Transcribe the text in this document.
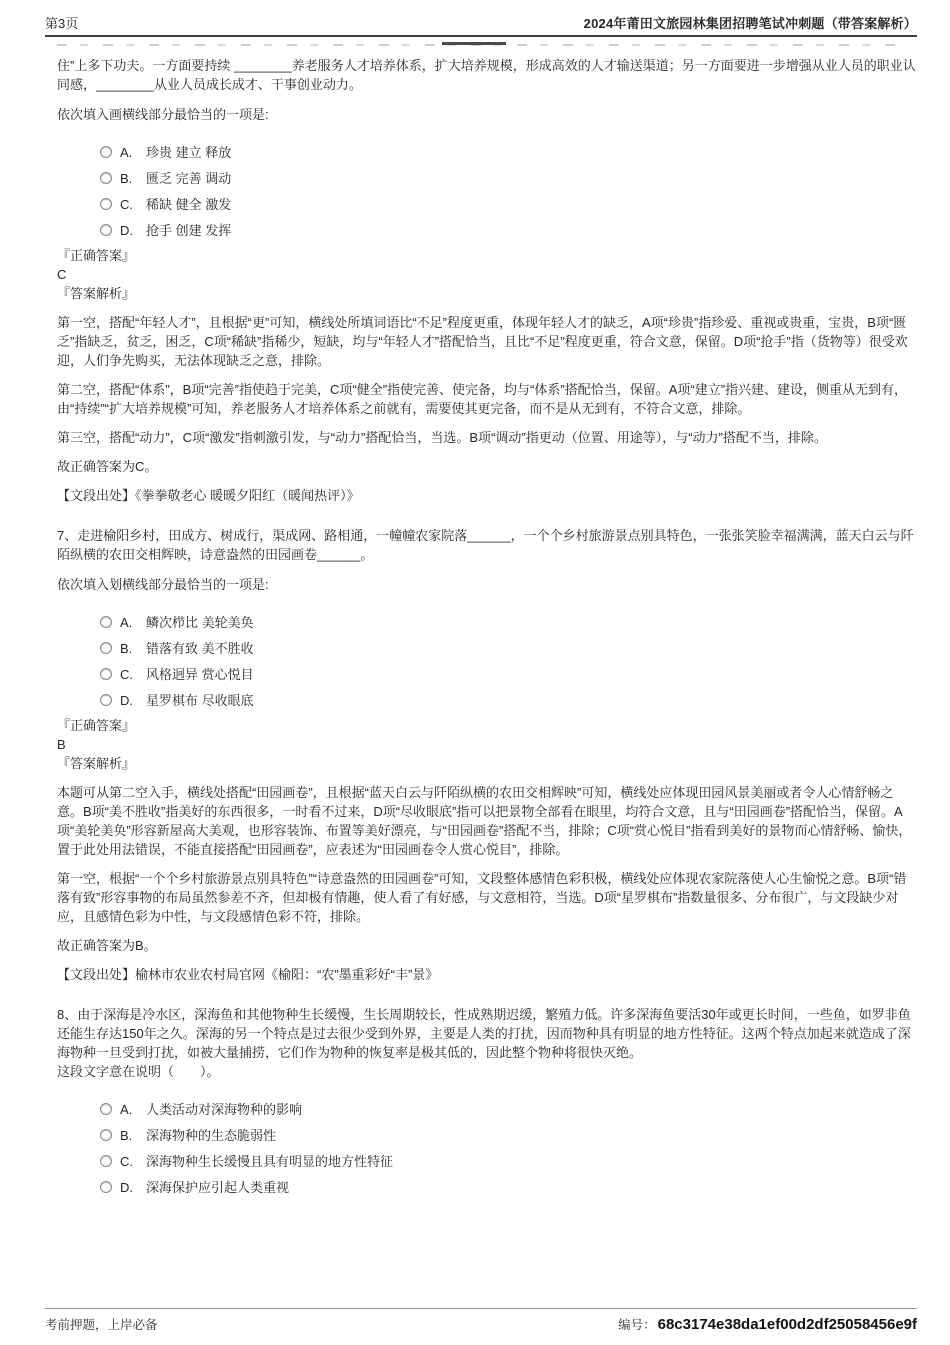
第3页	2024年莆田文旅园林集团招聘笔试冲刺题（带答案解析）

住”上多下功夫。一方面要持续 ________养老服务人才培养体系，扩大培养规模，形成高效的人才输送渠道；另一方面要进一步增强从业人员的职业认同感，________从业人员成长成才、干事创业动力。

依次填入画横线部分最恰当的一项是:

A.	珍贵 建立 释放
B.	匮乏 完善 调动
C.	稀缺 健全 激发
D.	抢手 创建 发挥
『正确答案』
C
『答案解析』

第一空，搭配“年轻人才”，且根据“更”可知，横线处所填词语比“不足”程度更重，体现年轻人才的缺乏，A项“珍贵”指珍爱、重视或贵重，宝贵，B项“匮乏”指缺乏，贫乏，困乏，C项“稀缺”指稀少，短缺，均与“年轻人才”搭配恰当，且比“不足”程度更重，符合文意，保留。D项“抢手”指（货物等）很受欢迎，人们争先购买，无法体现缺乏之意，排除。

第二空，搭配“体系”，B项“完善”指使趋于完美，C项“健全”指使完善、使完备，均与“体系”搭配恰当，保留。A项“建立”指兴建、建设，侧重从无到有，由“持续”“扩大培养规模”可知，养老服务人才培养体系之前就有，需要使其更完备，而不是从无到有，不符合文意，排除。

第三空，搭配“动力”，C项“激发”指刺激引发，与“动力”搭配恰当，当选。B项“调动”指更动（位置、用途等），与“动力”搭配不当，排除。

故正确答案为C。

【文段出处】《拳拳敬老心 暖暖夕阳红（暖闻热评）》

7、走进榆阳乡村，田成方、树成行，渠成网、路相通，一幢幢农家院落______，一个个乡村旅游景点别具特色，一张张笑脸幸福满满，蓝天白云与阡陌纵横的农田交相辉映，诗意盎然的田园画卷______。

依次填入划横线部分最恰当的一项是:

A.	鳞次栉比 美轮美奂
B.	错落有致 美不胜收
C.	风格迥异 赏心悦目
D.	星罗棋布 尽收眼底
『正确答案』
B
『答案解析』

本题可从第二空入手，横线处搭配“田园画卷”，且根据“蓝天白云与阡陌纵横的农田交相辉映”可知，横线处应体现田园风景美丽或者令人心情舒畅之意。B项“美不胜收”指美好的东西很多，一时看不过来，D项“尽收眼底”指可以把景物全部看在眼里，均符合文意，且与“田园画卷”搭配恰当，保留。A项“美轮美奂”形容新屋高大美观，也形容装饰、布置等美好漂亮，与“田园画卷”搭配不当，排除；C项“赏心悦目”指看到美好的景物而心情舒畅、愉快，置于此处用法错误，不能直接搭配“田园画卷”，应表述为“田园画卷令人赏心悦目”，排除。

第一空，根据“一个个乡村旅游景点别具特色”“诗意盎然的田园画卷”可知，文段整体感情色彩积极，横线处应体现农家院落使人心生愉悦之意。B项“错落有致”形容事物的布局虽然参差不齐，但却极有情趣，使人看了有好感，与文意相符，当选。D项“星罗棋布”指数量很多、分布很广，与文段缺少对应，且感情色彩为中性，与文段感情色彩不符，排除。

故正确答案为B。

【文段出处】榆林市农业农村局官网《榆阳：“农”墨重彩好“丰”景》

8、由于深海是冷水区，深海鱼和其他物种生长缓慢，生长周期较长，性成熟期迟缓，繁殖力低。许多深海鱼要活30年或更长时间，一些鱼，如罗非鱼还能生存达150年之久。深海的另一个特点是过去很少受到外界，主要是人类的打扰，因而物种具有明显的地方性特征。这两个特点加起来就造成了深海物种一旦受到打扰，如被大量捕捞，它们作为物种的恢复率是极其低的，因此整个物种将很快灭绝。

这段文字意在说明（　　）。

A.	人类活动对深海物种的影响
B.	深海物种的生态脆弱性
C.	深海物种生长缓慢且具有明显的地方性特征
D.	深海保护应引起人类重视
考前押题，上岸必备	编号： 68c3174e38da1ef00d2df25058456e9f
